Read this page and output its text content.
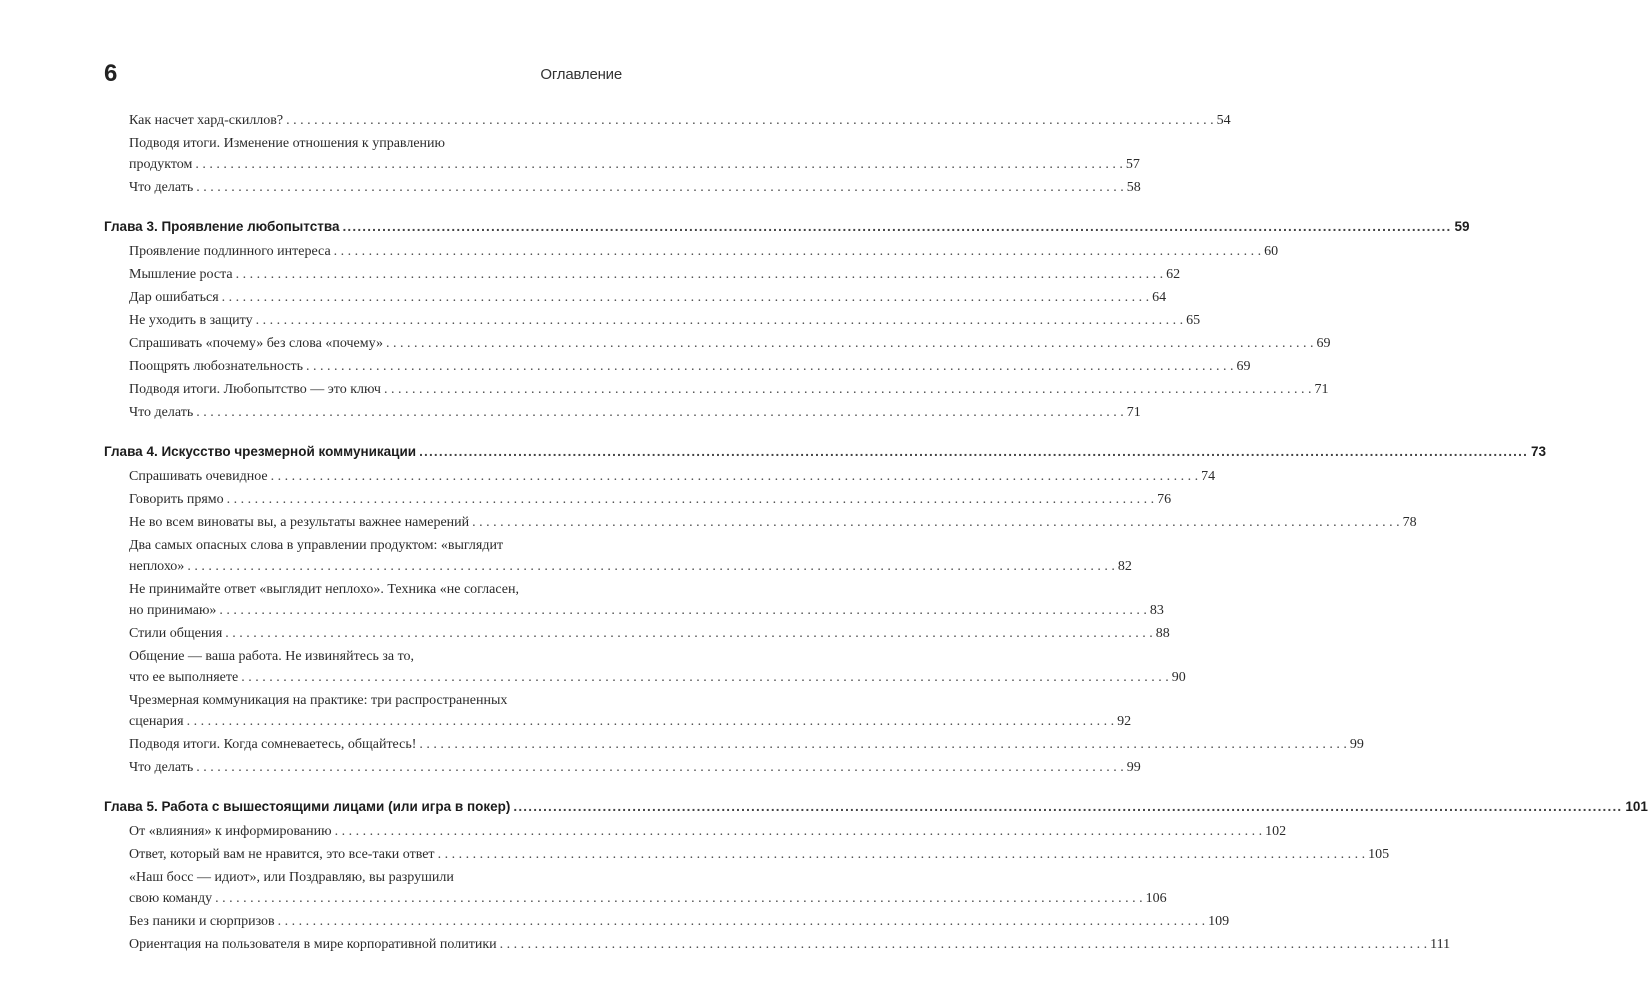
6	Оглавление
Как насчет хард-скиллов? . . .	54
Подводя итоги. Изменение отношения к управлению
продуктом . . .	57
Что делать . . .	58
Глава 3. Проявление любопытства .....	59
Проявление подлинного интереса . . .	60
Мышление роста . . .	62
Дар ошибаться . . .	64
Не уходить в защиту . . .	65
Спрашивать «почему» без слова «почему» . . .	69
Поощрять любознательность . . .	69
Подводя итоги. Любопытство — это ключ . . .	71
Что делать . . .	71
Глава 4. Искусство чрезмерной коммуникации .....	73
Спрашивать очевидное . . .	74
Говорить прямо . . .	76
Не во всем виноваты вы, а результаты важнее намерений . . .	78
Два самых опасных слова в управлении продуктом: «выглядит
неплохо» . . .	82
Не принимайте ответ «выглядит неплохо». Техника «не согласен,
но принимаю» . . .	83
Стили общения . . .	88
Общение — ваша работа. Не извиняйтесь за то,
что ее выполняете . . .	90
Чрезмерная коммуникация на практике: три распространенных
сценария . . .	92
Подводя итоги. Когда сомневаетесь, общайтесь! . . .	99
Что делать . . .	99
Глава 5. Работа с вышестоящими лицами (или игра в покер) .....	101
От «влияния» к информированию . . .	102
Ответ, который вам не нравится, это все-таки ответ . . .	105
«Наш босс — идиот», или Поздравляю, вы разрушили
свою команду . . .	106
Без паники и сюрпризов . . .	109
Ориентация на пользователя в мире корпоративной политики . . .	111
